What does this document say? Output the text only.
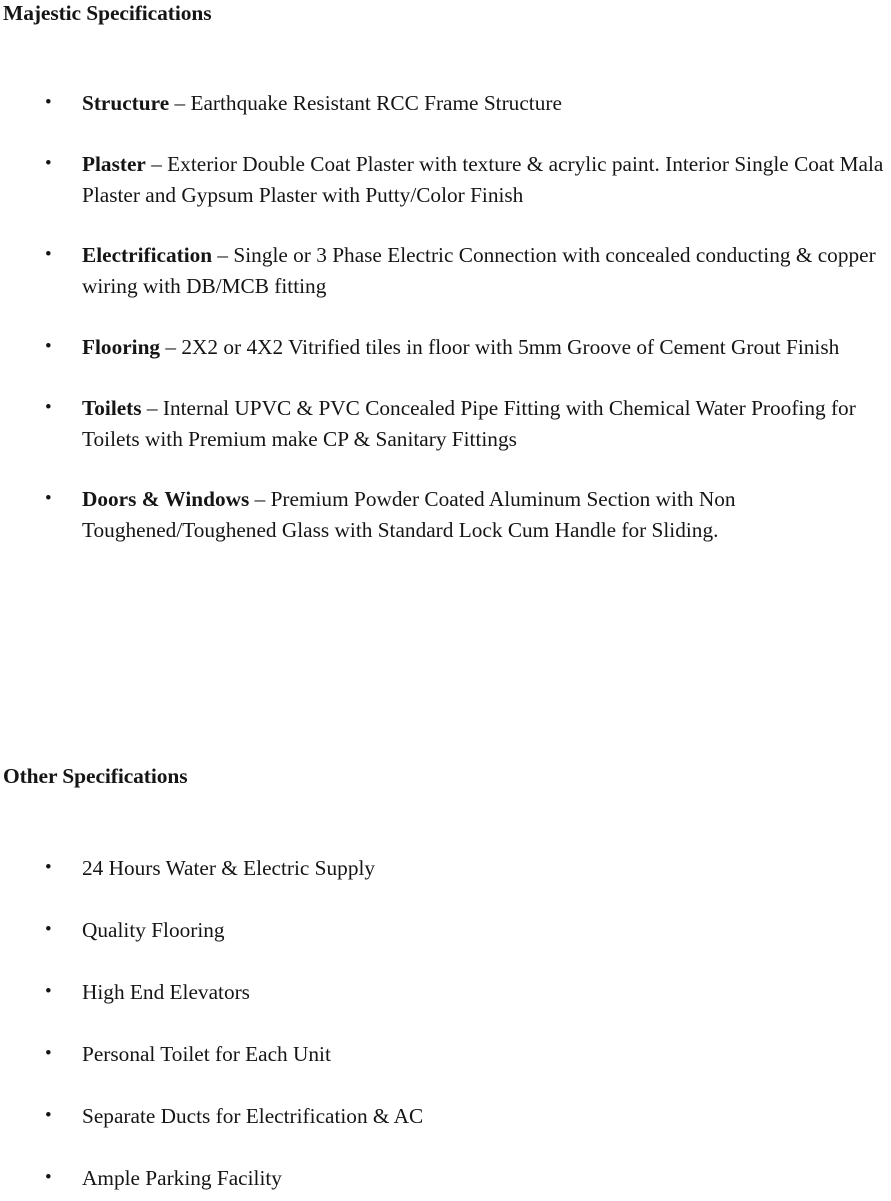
Majestic Specifications
•	Structure – Earthquake Resistant RCC Frame Structure
•	Plaster – Exterior Double Coat Plaster with texture & acrylic paint. Interior Single Coat Mala Plaster and Gypsum Plaster with Putty/Color Finish
•	Electrification – Single or 3 Phase Electric Connection with concealed conducting & copper wiring with DB/MCB fitting
•	Flooring – 2X2 or 4X2 Vitrified tiles in floor with 5mm Groove of Cement Grout Finish
•	Toilets – Internal UPVC & PVC Concealed Pipe Fitting with Chemical Water Proofing for Toilets with Premium make CP & Sanitary Fittings
•	Doors & Windows – Premium Powder Coated Aluminum Section with Non Toughened/Toughened Glass with Standard Lock Cum Handle for Sliding.
Other Specifications
•	24 Hours Water & Electric Supply
•	Quality Flooring
•	High End Elevators
•	Personal Toilet for Each Unit
•	Separate Ducts for Electrification & AC
•	Ample Parking Facility
